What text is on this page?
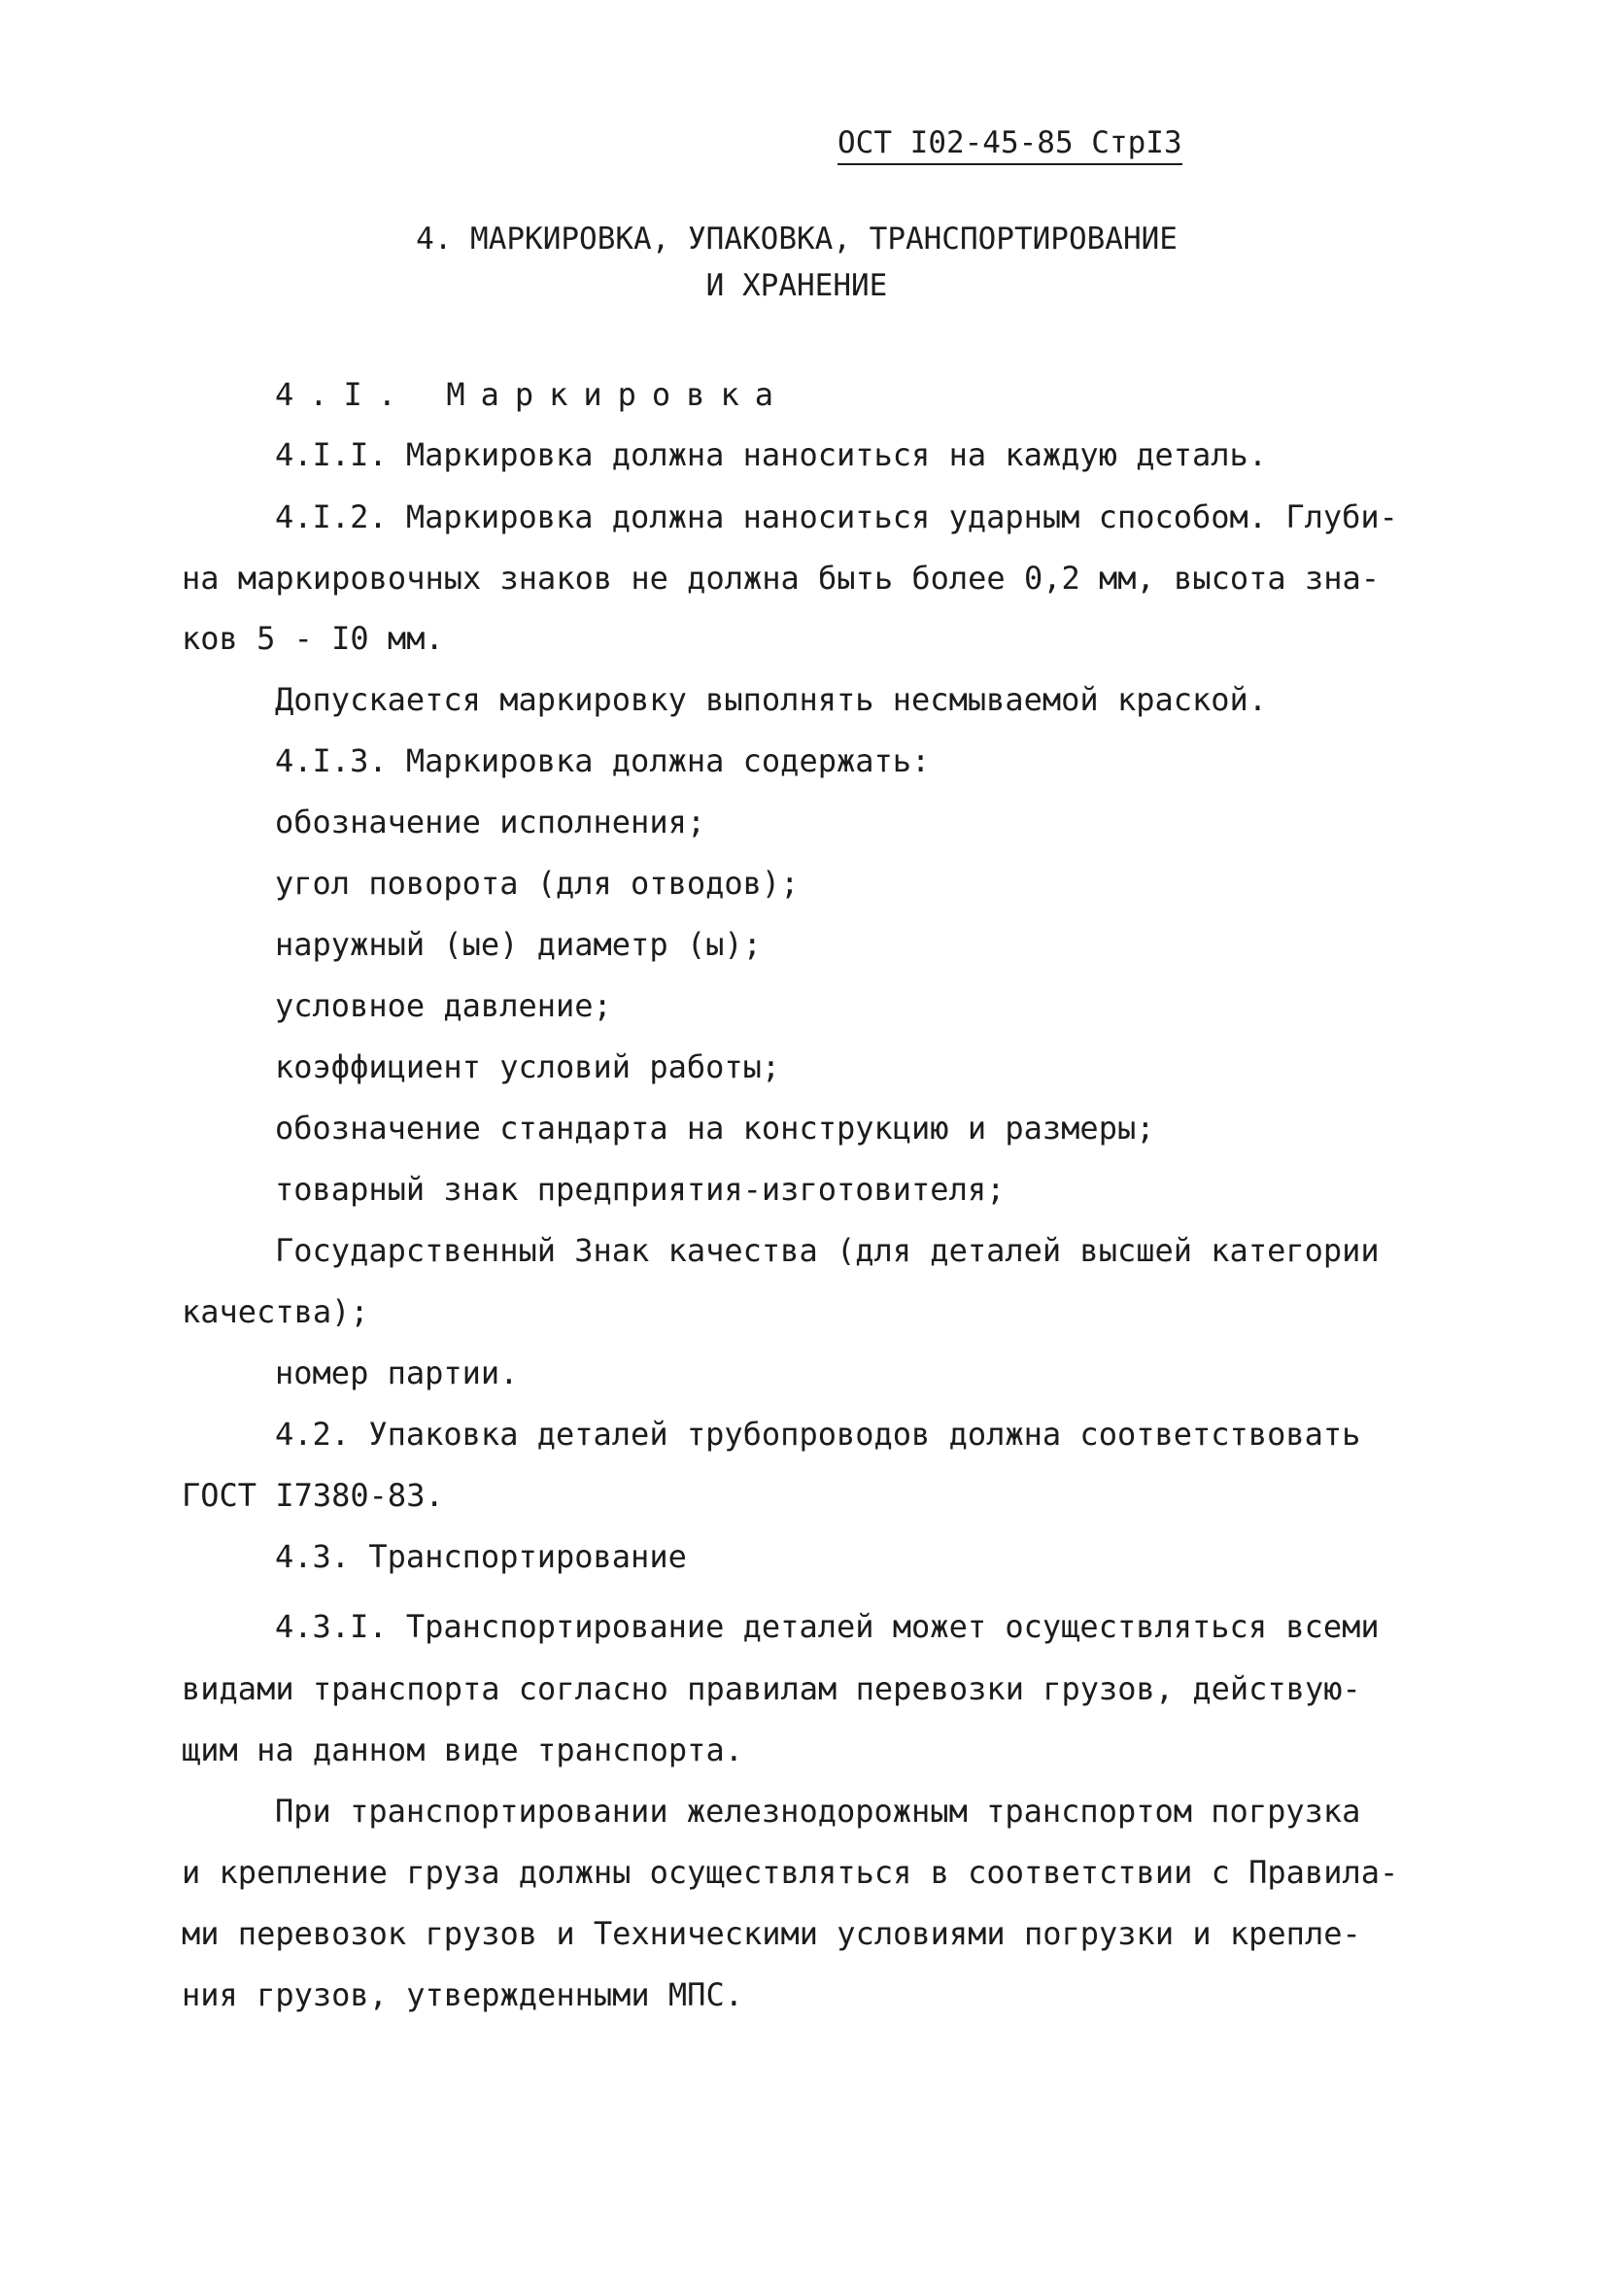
ОСТ I02-45-85 СтрI3
4. МАРКИРОВКА, УПАКОВКА, ТРАНСПОРТИРОВАНИЕ
И ХРАНЕНИЕ
4.I. Маркировка
4.I.I. Маркировка должна наноситься на каждую деталь.
4.I.2. Маркировка должна наноситься ударным способом. Глуби-
на маркировочных знаков не должна быть более 0,2 мм, высота зна-
ков 5 - I0 мм.
Допускается маркировку выполнять несмываемой краской.
4.I.3. Маркировка должна содержать:
обозначение исполнения;
угол поворота (для отводов);
наружный (ые) диаметр (ы);
условное давление;
коэффициент условий работы;
обозначение стандарта на конструкцию и размеры;
товарный знак предприятия-изготовителя;
Государственный Знак качества (для деталей высшей категории
качества);
номер партии.
4.2. Упаковка деталей трубопроводов должна соответствовать
ГОСТ I7380-83.
4.3. Транспортирование
4.3.I. Транспортирование деталей может осуществляться всеми
видами транспорта согласно правилам перевозки грузов, действую-
щим на данном виде транспорта.
При транспортировании железнодорожным транспортом погрузка
и крепление груза должны осуществляться в соответствии с Правила-
ми перевозок грузов и Техническими условиями погрузки и крепле-
ния грузов, утвержденными МПС.
